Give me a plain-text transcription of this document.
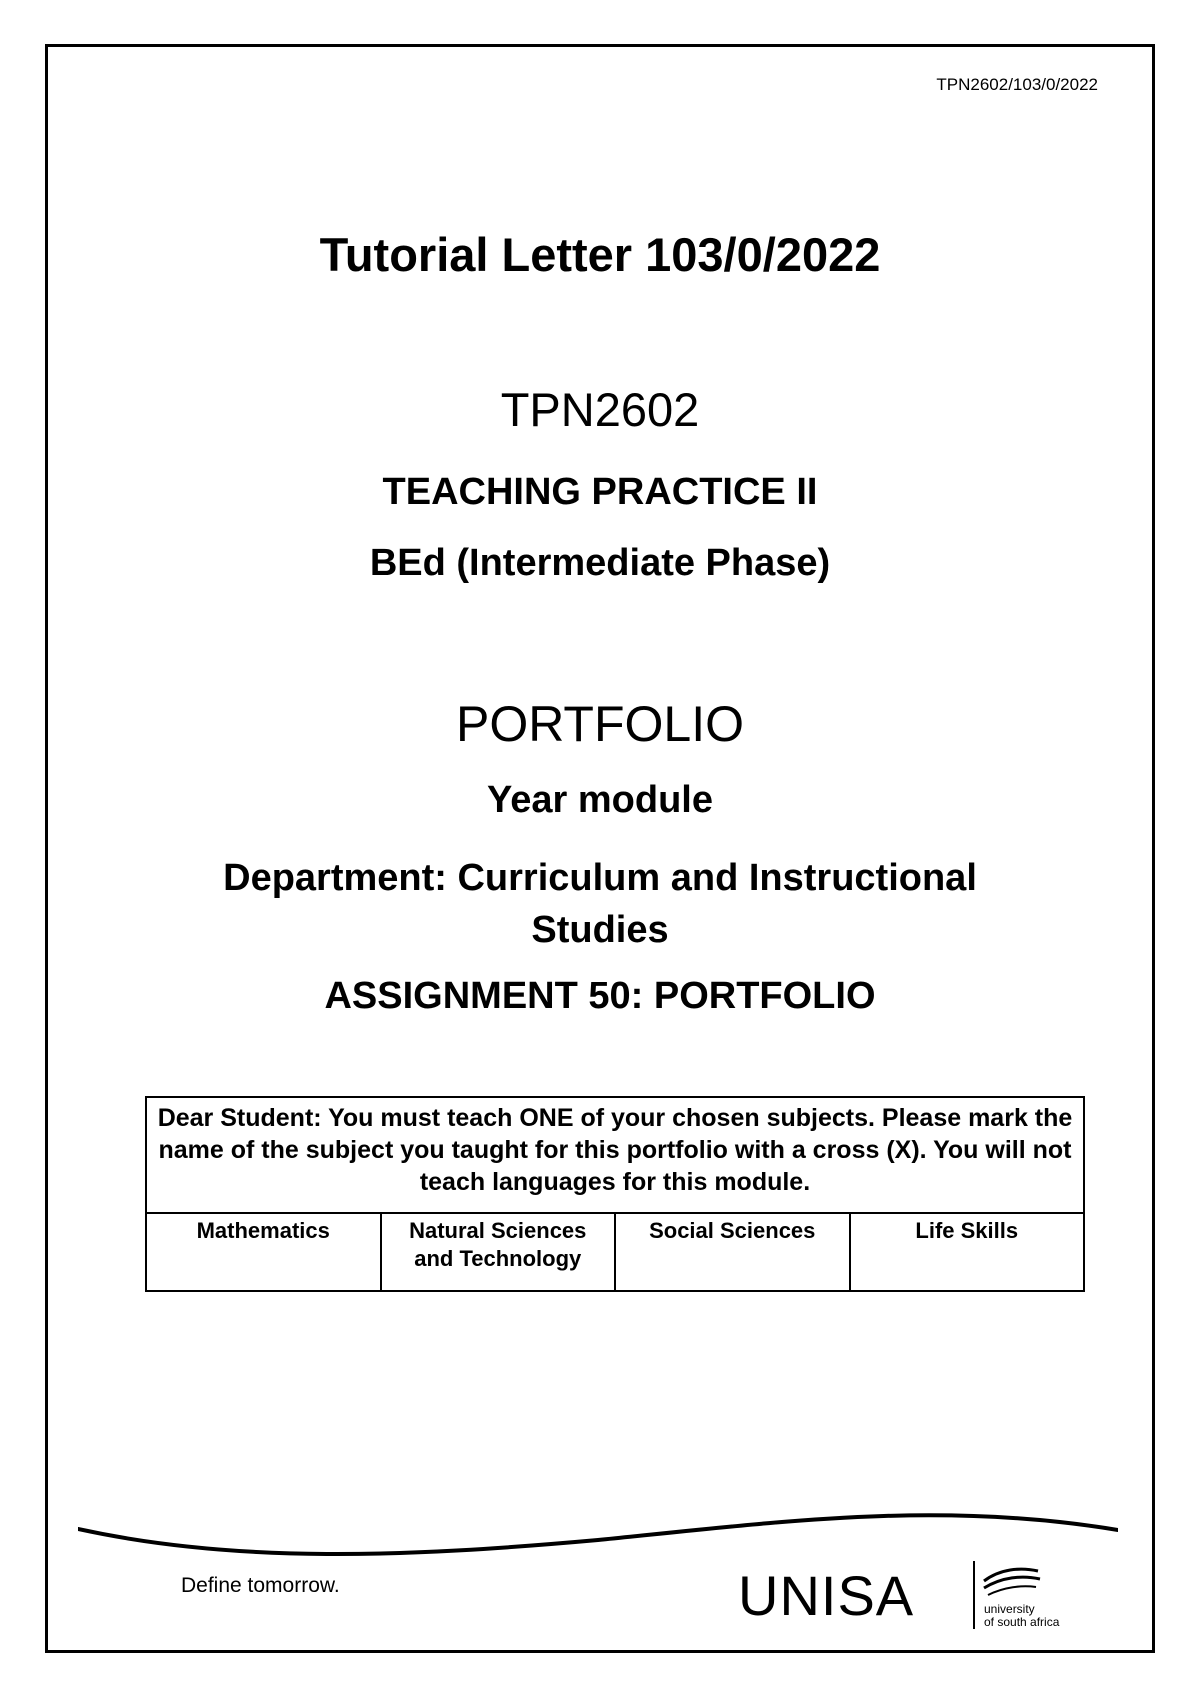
TPN2602/103/0/2022
Tutorial Letter 103/0/2022
TPN2602
TEACHING PRACTICE II
BEd (Intermediate Phase)
PORTFOLIO
Year module
Department: Curriculum and Instructional
Studies
ASSIGNMENT 50: PORTFOLIO
Dear Student: You must teach ONE of your chosen subjects. Please mark the name of the subject you taught for this portfolio with a cross (X). You will not teach languages for this module.
Mathematics	Natural Sciences and Technology	Social Sciences	Life Skills
Define tomorrow.	UNISA	university
of south africa
